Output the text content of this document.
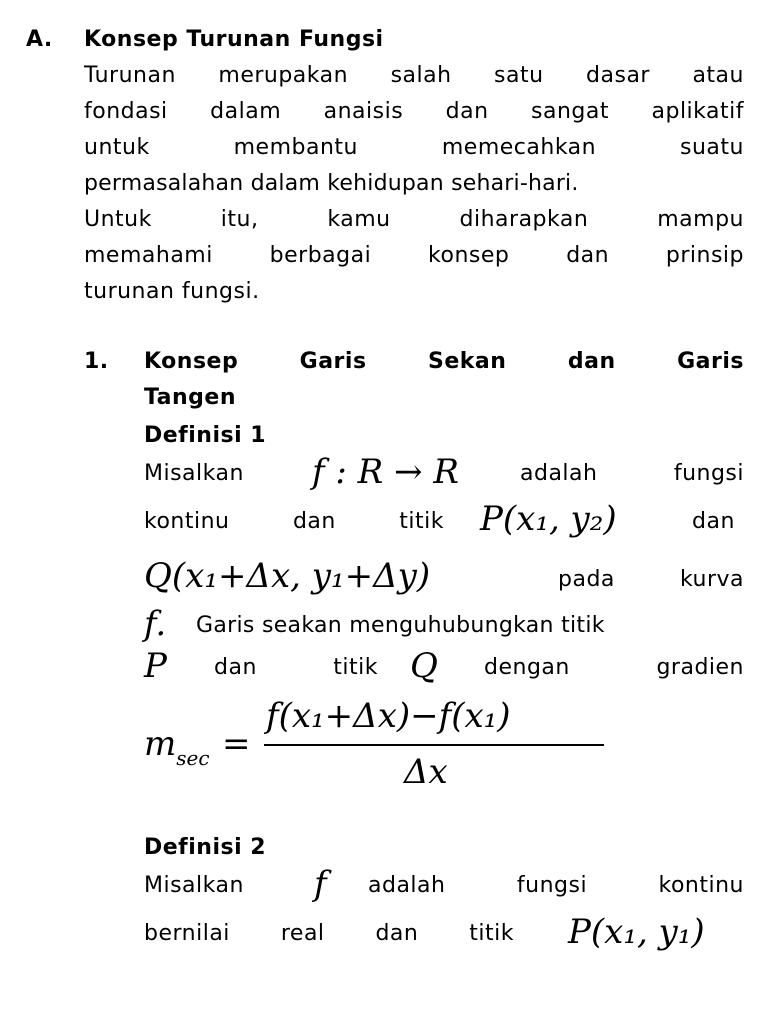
A. Konsep Turunan Fungsi
Turunan merupakan salah satu dasar atau
fondasi dalam anaisis dan sangat aplikatif
untuk	membantu	memecahkan	suatu
permasalahan dalam kehidupan sehari-hari.
Untuk	itu,	kamu	diharapkan	mampu
memahami	berbagai	konsep	dan	prinsip
turunan fungsi.
1. Konsep	Garis	Sekan	dan	Garis
Tangen
Definisi 1
Misalkan f : R → R	adalah	fungsi
kontinu	dan	titik P(x₁, y₂)	dan
Q(x₁+Δx, y₁+Δy)	pada	kurva
f. Garis seakan menguhubungkan titik
P dan	titik Q dengan	gradien
$m_{sec}$ =
f(x₁+Δx)−f(x₁)
Δx
Definisi 2
Misalkan f adalah	fungsi	kontinu
bernilai real dan titik P(x₁, y₁)
